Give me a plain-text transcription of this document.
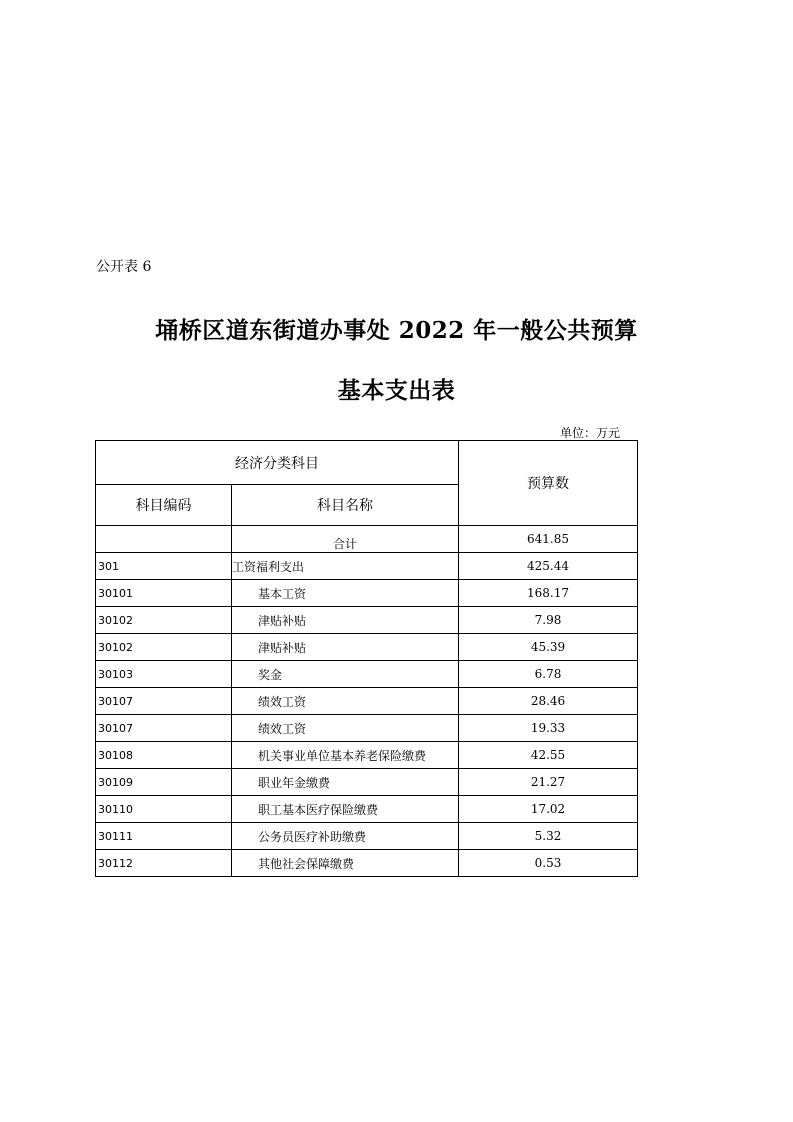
公开表 6
埇桥区道东街道办事处 2022 年一般公共预算
基本支出表
单位：万元
经济分类科目		预算数
科目编码	科目名称	
	合计	641.85
301	工资福利支出	425.44
30101	基本工资	168.17
30102	津贴补贴	7.98
30102	津贴补贴	45.39
30103	奖金	6.78
30107	绩效工资	28.46
30107	绩效工资	19.33
30108	机关事业单位基本养老保险缴费	42.55
30109	职业年金缴费	21.27
30110	职工基本医疗保险缴费	17.02
30111	公务员医疗补助缴费	5.32
30112	其他社会保障缴费	0.53
